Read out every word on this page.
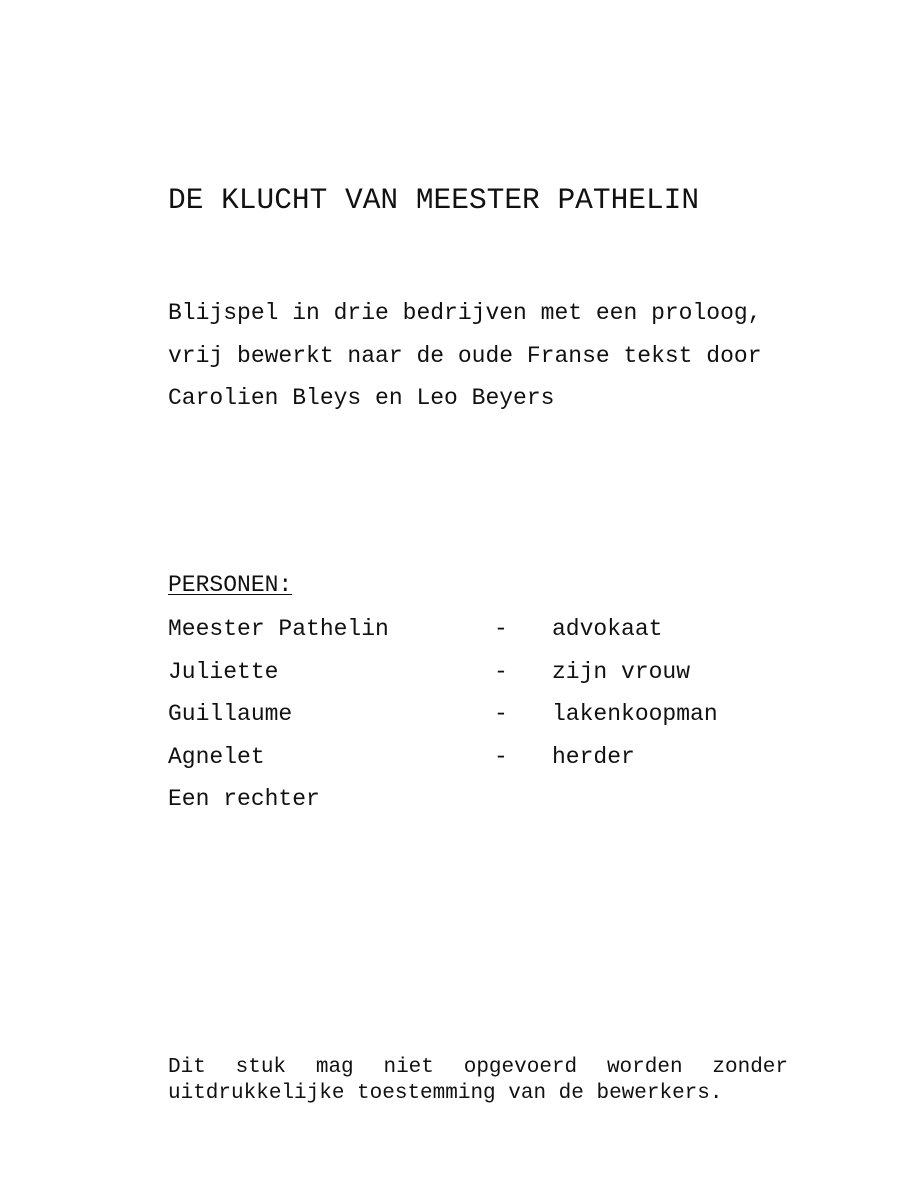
DE KLUCHT VAN MEESTER PATHELIN
Blijspel in drie bedrijven met een proloog,
vrij bewerkt naar de oude Franse tekst door
Carolien Bleys en Leo Beyers
PERSONEN:
Meester Pathelin	- advokaat
Juliette	- zijn vrouw
Guillaume	- lakenkoopman
Agnelet	- herder
Een rechter
Dit stuk mag niet opgevoerd worden zonder
uitdrukkelijke toestemming van de bewerkers.
